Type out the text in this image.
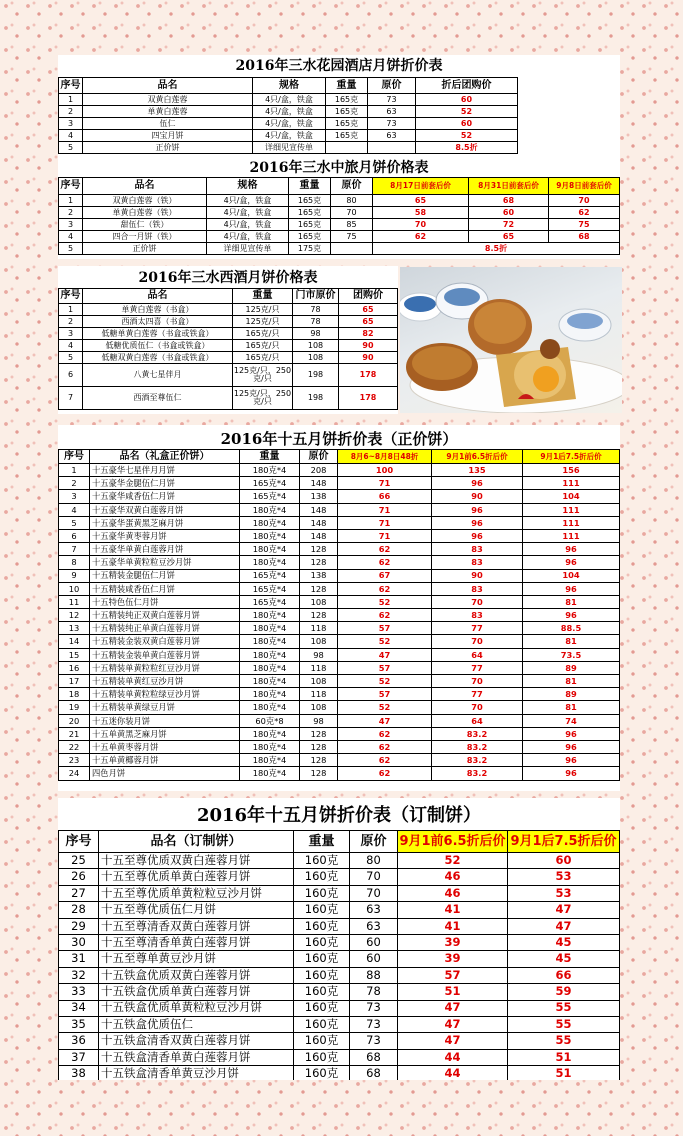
2016年三水花园酒店月饼折价表
序号	品名	规格	重量	原价	折后团购价
1	双黄白莲蓉	4只/盒，铁盒	165克	73	60
2	单黄白莲蓉	4只/盒，铁盒	165克	63	52
3	伍仁	4只/盒，铁盒	165克	73	60
4	四宝月饼	4只/盒，铁盒	165克	63	52
5	正价饼	详细见宣传单			8.5折
2016年三水中旅月饼价格表
序号	品名	规格	重量	原价	8月17日前套后价	8月31日前套后价	9月8日前套后价
1	双黄白莲蓉（铁）	4只/盒，铁盒	165克	80	65	68	70
2	单黄白莲蓉（铁）	4只/盒，铁盒	165克	70	58	60	62
3	甜伍仁（铁）	4只/盒，铁盒	165克	85	70	72	75
4	四合一月饼（铁）	4只/盒，铁盒	165克	75	62	65	68
5	正价饼	详细见宣传单	175克		8.5折		
2016年三水西酒月饼价格表
序号	品名	重量	门市原价	团购价
1	单黄白莲蓉（书盒）	125克/只	78	65
2	西酒太四喜（书盒）	125克/只	78	65
3	低糖单黄白莲蓉（书盒或铁盒）	165克/只	98	82
4	低糖优质伍仁（书盒或铁盒）	165克/只	108	90
5	低糖双黄白莲蓉（书盒或铁盒）	165克/只	108	90
6	八黄七星伴月	125克/只，250克/只	198	178
7	西酒至尊伍仁	125克/只，250克/只	198	178
2016年十五月饼折价表（正价饼）
序号	品名（礼盒正价饼）	重量	原价	8月6~8月8日48折	9月1前6.5折后价	9月1后7.5折后价
1	十五豪华七星伴月月饼	180克*4	208	100	135	156
2	十五豪华金腿伍仁月饼	165克*4	148	71	96	111
3	十五豪华咸香伍仁月饼	165克*4	138	66	90	104
4	十五豪华双黄白莲蓉月饼	180克*4	148	71	96	111
5	十五豪华蛋黄黑芝麻月饼	180克*4	148	71	96	111
6	十五豪华黄枣蓉月饼	180克*4	148	71	96	111
7	十五豪华单黄白莲蓉月饼	180克*4	128	62	83	96
8	十五豪华单黄粒粒豆沙月饼	180克*4	128	62	83	96
9	十五精装金腿伍仁月饼	165克*4	138	67	90	104
10	十五精装咸香伍仁月饼	165克*4	128	62	83	96
11	十五特色伍仁月饼	165克*4	108	52	70	81
12	十五精装纯正双黄白莲蓉月饼	180克*4	128	62	83	96
13	十五精装纯正单黄白莲蓉月饼	180克*4	118	57	77	88.5
14	十五精装金装双黄白莲蓉月饼	180克*4	108	52	70	81
15	十五精装金装单黄白莲蓉月饼	180克*4	98	47	64	73.5
16	十五精装单黄粒粒红豆沙月饼	180克*4	118	57	77	89
17	十五精装单黄红豆沙月饼	180克*4	108	52	70	81
18	十五精装单黄粒粒绿豆沙月饼	180克*4	118	57	77	89
19	十五精装单黄绿豆月饼	180克*4	108	52	70	81
20	十五迷你装月饼	60克*8	98	47	64	74
21	十五单黄黑芝麻月饼	180克*4	128	62	83.2	96
22	十五单黄枣蓉月饼	180克*4	128	62	83.2	96
23	十五单黄椰蓉月饼	180克*4	128	62	83.2	96
24	四色月饼	180克*4	128	62	83.2	96
2016年十五月饼折价表（订制饼）
序号	品名（订制饼）	重量	原价	9月1前6.5折后价	9月1后7.5折后价
25	十五至尊优质双黄白莲蓉月饼	160克	80	52	60
26	十五至尊优质单黄白莲蓉月饼	160克	70	46	53
27	十五至尊优质单黄粒粒豆沙月饼	160克	70	46	53
28	十五至尊优质伍仁月饼	160克	63	41	47
29	十五至尊清香双黄白莲蓉月饼	160克	63	41	47
30	十五至尊清香单黄白莲蓉月饼	160克	60	39	45
31	十五至尊单黄豆沙月饼	160克	60	39	45
32	十五铁盒优质双黄白莲蓉月饼	160克	88	57	66
33	十五铁盒优质单黄白莲蓉月饼	160克	78	51	59
34	十五铁盒优质单黄粒粒豆沙月饼	160克	73	47	55
35	十五铁盒优质伍仁	160克	73	47	55
36	十五铁盒清香双黄白莲蓉月饼	160克	73	47	55
37	十五铁盒清香单黄白莲蓉月饼	160克	68	44	51
38	十五铁盒清香单黄豆沙月饼	160克	68	44	51
